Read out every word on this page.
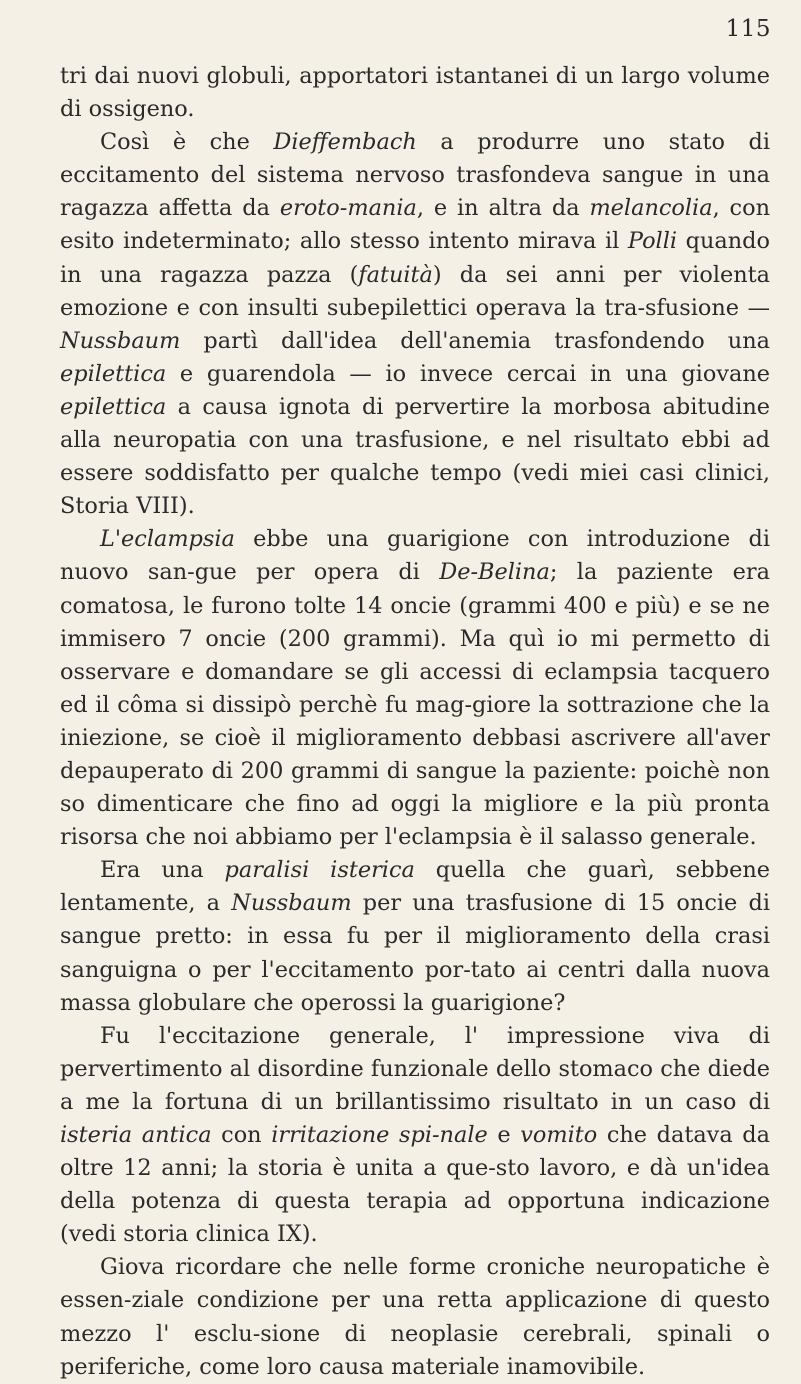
115

tri dai nuovi globuli, apportatori istantanei di un largo volume di ossigeno.

Così è che Dieffembach a produrre uno stato di eccitamento del sistema nervoso trasfondeva sangue in una ragazza affetta da eroto-mania, e in altra da melancolia, con esito indeterminato; allo stesso intento mirava il Polli quando in una ragazza pazza (fatuità) da sei anni per violenta emozione e con insulti subepilettici operava la tra-sfusione — Nussbaum partì dall'idea dell'anemia trasfondendo una epilettica e guarendola — io invece cercai in una giovane epilettica a causa ignota di pervertire la morbosa abitudine alla neuropatia con una trasfusione, e nel risultato ebbi ad essere soddisfatto per qualche tempo (vedi miei casi clinici, Storia VIII).

L'eclampsia ebbe una guarigione con introduzione di nuovo san-gue per opera di De-Belina; la paziente era comatosa, le furono tolte 14 oncie (grammi 400 e più) e se ne immisero 7 oncie (200 grammi). Ma quì io mi permetto di osservare e domandare se gli accessi di eclampsia tacquero ed il côma si dissipò perchè fu mag-giore la sottrazione che la iniezione, se cioè il miglioramento debbasi ascrivere all'aver depauperato di 200 grammi di sangue la paziente: poichè non so dimenticare che fino ad oggi la migliore e la più pronta risorsa che noi abbiamo per l'eclampsia è il salasso generale.

Era una paralisi isterica quella che guarì, sebbene lentamente, a Nussbaum per una trasfusione di 15 oncie di sangue pretto: in essa fu per il miglioramento della crasi sanguigna o per l'eccitamento por-tato ai centri dalla nuova massa globulare che operossi la guarigione?

Fu l'eccitazione generale, l' impressione viva di pervertimento al disordine funzionale dello stomaco che diede a me la fortuna di un brillantissimo risultato in un caso di isteria antica con irritazione spi-nale e vomito che datava da oltre 12 anni; la storia è unita a que-sto lavoro, e dà un'idea della potenza di questa terapia ad opportuna indicazione (vedi storia clinica IX).

Giova ricordare che nelle forme croniche neuropatiche è essen-ziale condizione per una retta applicazione di questo mezzo l' esclu-sione di neoplasie cerebrali, spinali o periferiche, come loro causa materiale inamovibile.
